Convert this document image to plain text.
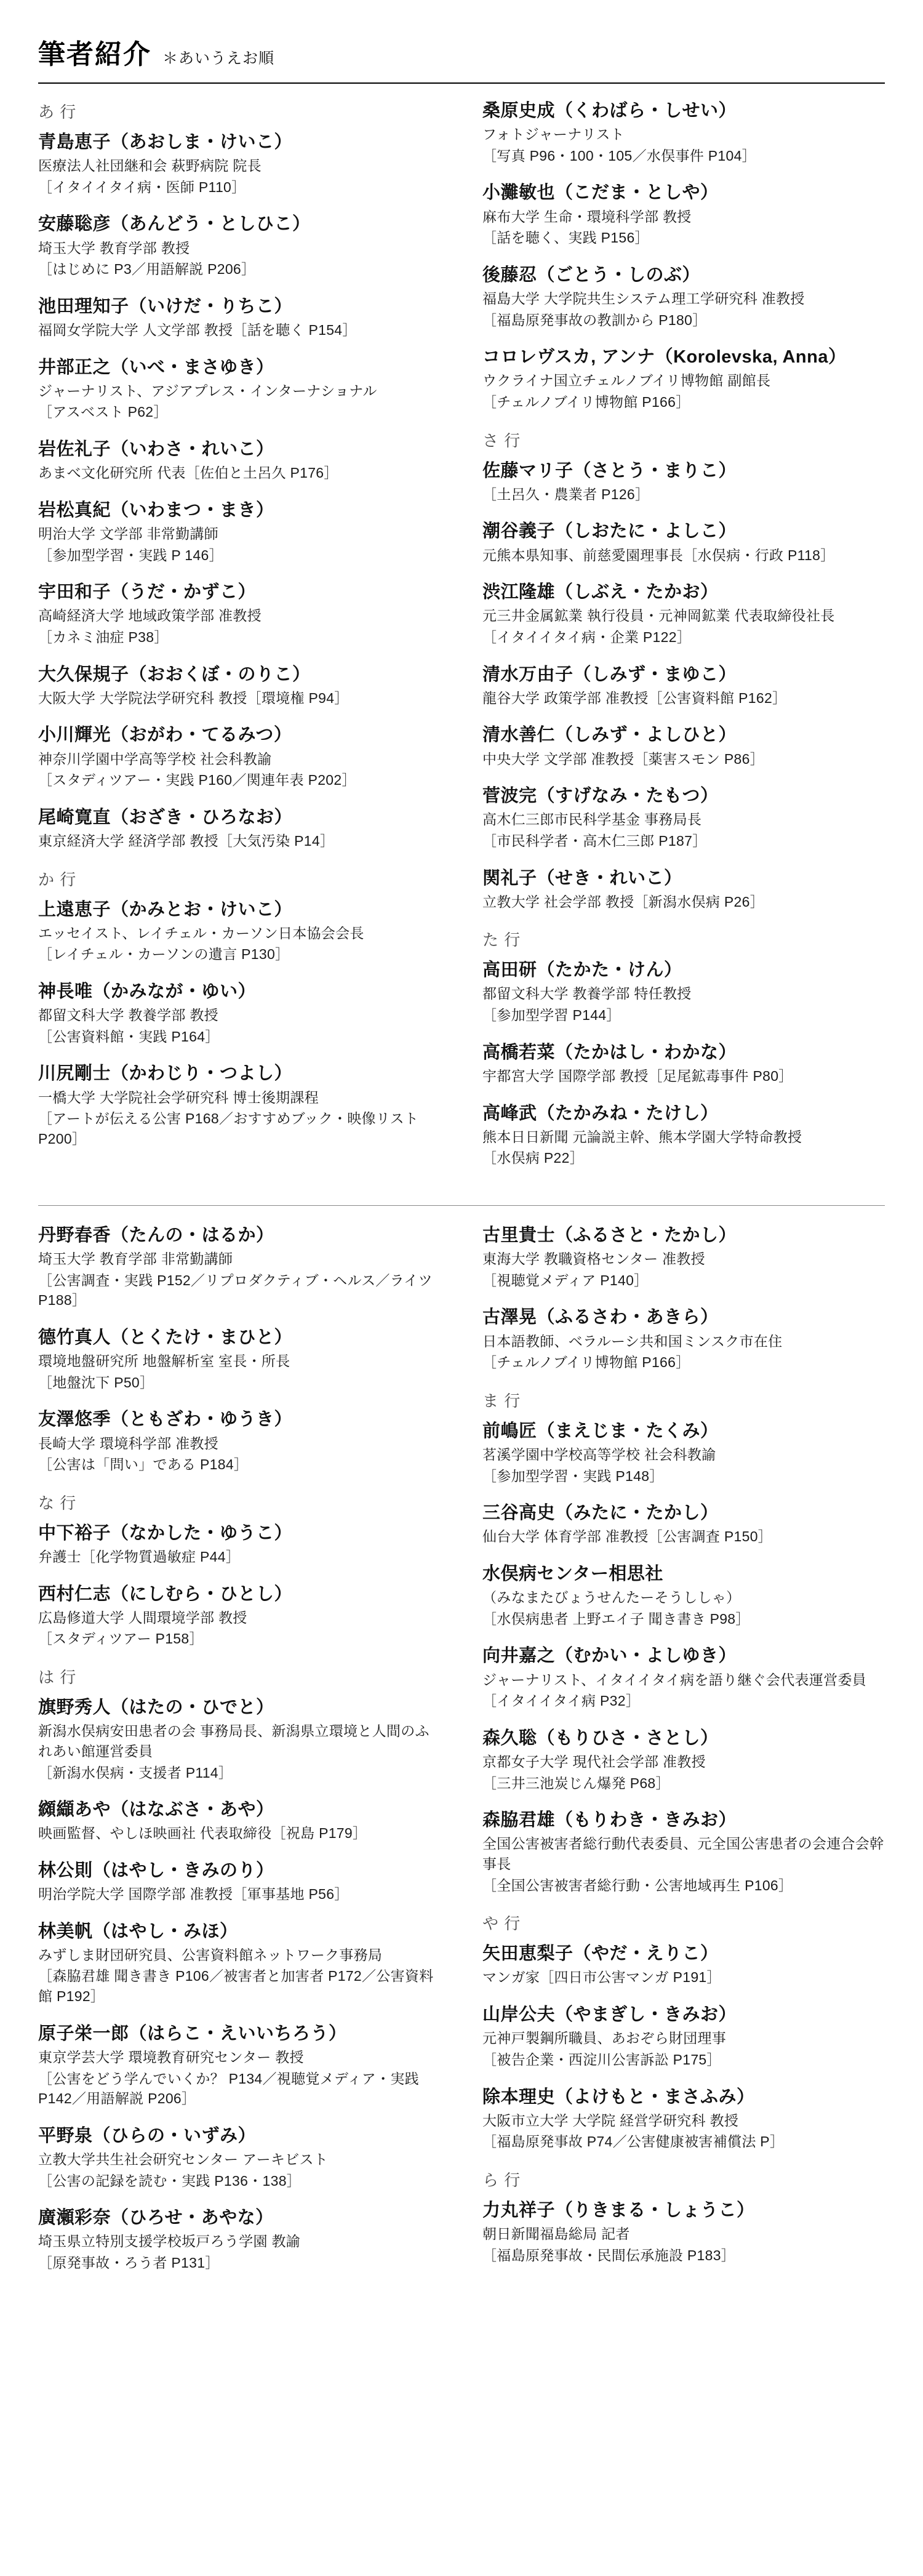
筆者紹介 ＊あいうえお順
あ 行
青島恵子（あおしま・けいこ）
医療法人社団継和会 萩野病院 院長
［イタイイタイ病・医師 P110］
安藤聡彦（あんどう・としひこ）
埼玉大学 教育学部 教授
［はじめに P3／用語解説 P206］
池田理知子（いけだ・りちこ）
福岡女学院大学 人文学部 教授［話を聴く P154］
井部正之（いべ・まさゆき）
ジャーナリスト、アジアプレス・インターナショナル
［アスベスト P62］
岩佐礼子（いわさ・れいこ）
あまべ文化研究所 代表［佐伯と土呂久 P176］
岩松真紀（いわまつ・まき）
明治大学 文学部 非常勤講師
［参加型学習・実践 P 146］
宇田和子（うだ・かずこ）
高崎経済大学 地域政策学部 准教授
［カネミ油症 P38］
大久保規子（おおくぼ・のりこ）
大阪大学 大学院法学研究科 教授［環境権 P94］
小川輝光（おがわ・てるみつ）
神奈川学園中学高等学校 社会科教諭
［スタディツアー・実践 P160／関連年表 P202］
尾崎寛直（おざき・ひろなお）
東京経済大学 経済学部 教授［大気汚染 P14］
か 行
上遠恵子（かみとお・けいこ）
エッセイスト、レイチェル・カーソン日本協会会長
［レイチェル・カーソンの遺言 P130］
神長唯（かみなが・ゆい）
都留文科大学 教養学部 教授
［公害資料館・実践 P164］
川尻剛士（かわじり・つよし）
一橋大学 大学院社会学研究科 博士後期課程
［アートが伝える公害 P168／おすすめブック・映像リスト P200］
桑原史成（くわばら・しせい）
フォトジャーナリスト
［写真 P96・100・105／水俣事件 P104］
小灘敏也（こだま・としや）
麻布大学 生命・環境科学部 教授
［話を聴く、実践 P156］
後藤忍（ごとう・しのぶ）
福島大学 大学院共生システム理工学研究科 准教授
［福島原発事故の教訓から P180］
コロレヴスカ, アンナ（Korolevska, Anna）
ウクライナ国立チェルノブイリ博物館 副館長
［チェルノブイリ博物館 P166］
さ 行
佐藤マリ子（さとう・まりこ）
［土呂久・農業者 P126］
潮谷義子（しおたに・よしこ）
元熊本県知事、前慈愛園理事長［水俣病・行政 P118］
渋江隆雄（しぶえ・たかお）
元三井金属鉱業 執行役員・元神岡鉱業 代表取締役社長
［イタイイタイ病・企業 P122］
清水万由子（しみず・まゆこ）
龍谷大学 政策学部 准教授［公害資料館 P162］
清水善仁（しみず・よしひと）
中央大学 文学部 准教授［薬害スモン P86］
菅波完（すげなみ・たもつ）
高木仁三郎市民科学基金 事務局長
［市民科学者・高木仁三郎 P187］
関礼子（せき・れいこ）
立教大学 社会学部 教授［新潟水俣病 P26］
た 行
高田研（たかた・けん）
都留文科大学 教養学部 特任教授
［参加型学習 P144］
高橋若菜（たかはし・わかな）
宇都宮大学 国際学部 教授［足尾鉱毒事件 P80］
高峰武（たかみね・たけし）
熊本日日新聞 元論説主幹、熊本学園大学特命教授
［水俣病 P22］
丹野春香（たんの・はるか）
埼玉大学 教育学部 非常勤講師
［公害調査・実践 P152／リプロダクティブ・ヘルス／ライツ P188］
德竹真人（とくたけ・まひと）
環境地盤研究所 地盤解析室 室長・所長
［地盤沈下 P50］
友澤悠季（ともざわ・ゆうき）
長崎大学 環境科学部 准教授
［公害は「問い」である P184］
な 行
中下裕子（なかした・ゆうこ）
弁護士［化学物質過敏症 P44］
西村仁志（にしむら・ひとし）
広島修道大学 人間環境学部 教授
［スタディツアー P158］
は 行
旗野秀人（はたの・ひでと）
新潟水俣病安田患者の会 事務局長、新潟県立環境と人間のふれあい館運営委員
［新潟水俣病・支援者 P114］
纐纈あや（はなぶさ・あや）
映画監督、やしほ映画社 代表取締役［祝島 P179］
林公則（はやし・きみのり）
明治学院大学 国際学部 准教授［軍事基地 P56］
林美帆（はやし・みほ）
みずしま財団研究員、公害資料館ネットワーク事務局
［森脇君雄 聞き書き P106／被害者と加害者 P172／公害資料館 P192］
原子栄一郎（はらこ・えいいちろう）
東京学芸大学 環境教育研究センター 教授
［公害をどう学んでいくか？ P134／視聴覚メディア・実践 P142／用語解説 P206］
平野泉（ひらの・いずみ）
立教大学共生社会研究センター アーキビスト
［公害の記録を読む・実践 P136・138］
廣瀬彩奈（ひろせ・あやな）
埼玉県立特別支援学校坂戸ろう学園 教諭
［原発事故・ろう者 P131］
古里貴士（ふるさと・たかし）
東海大学 教職資格センター 准教授
［視聴覚メディア P140］
古澤晃（ふるさわ・あきら）
日本語教師、ベラルーシ共和国ミンスク市在住
［チェルノブイリ博物館 P166］
ま 行
前嶋匠（まえじま・たくみ）
茗溪学園中学校高等学校 社会科教諭
［参加型学習・実践 P148］
三谷高史（みたに・たかし）
仙台大学 体育学部 准教授［公害調査 P150］
水俣病センター相思社
（みなまたびょうせんたーそうししゃ）
［水俣病患者 上野エイ子 聞き書き P98］
向井嘉之（むかい・よしゆき）
ジャーナリスト、イタイイタイ病を語り継ぐ会代表運営委員
［イタイイタイ病 P32］
森久聡（もりひさ・さとし）
京都女子大学 現代社会学部 准教授
［三井三池炭じん爆発 P68］
森脇君雄（もりわき・きみお）
全国公害被害者総行動代表委員、元全国公害患者の会連合会幹事長
［全国公害被害者総行動・公害地域再生 P106］
や 行
矢田恵梨子（やだ・えりこ）
マンガ家［四日市公害マンガ P191］
山岸公夫（やまぎし・きみお）
元神戸製鋼所職員、あおぞら財団理事
［被告企業・西淀川公害訴訟 P175］
除本理史（よけもと・まさふみ）
大阪市立大学 大学院 経営学研究科 教授
［福島原発事故 P74／公害健康被害補償法 P］
ら 行
力丸祥子（りきまる・しょうこ）
朝日新聞福島総局 記者
［福島原発事故・民間伝承施設 P183］
